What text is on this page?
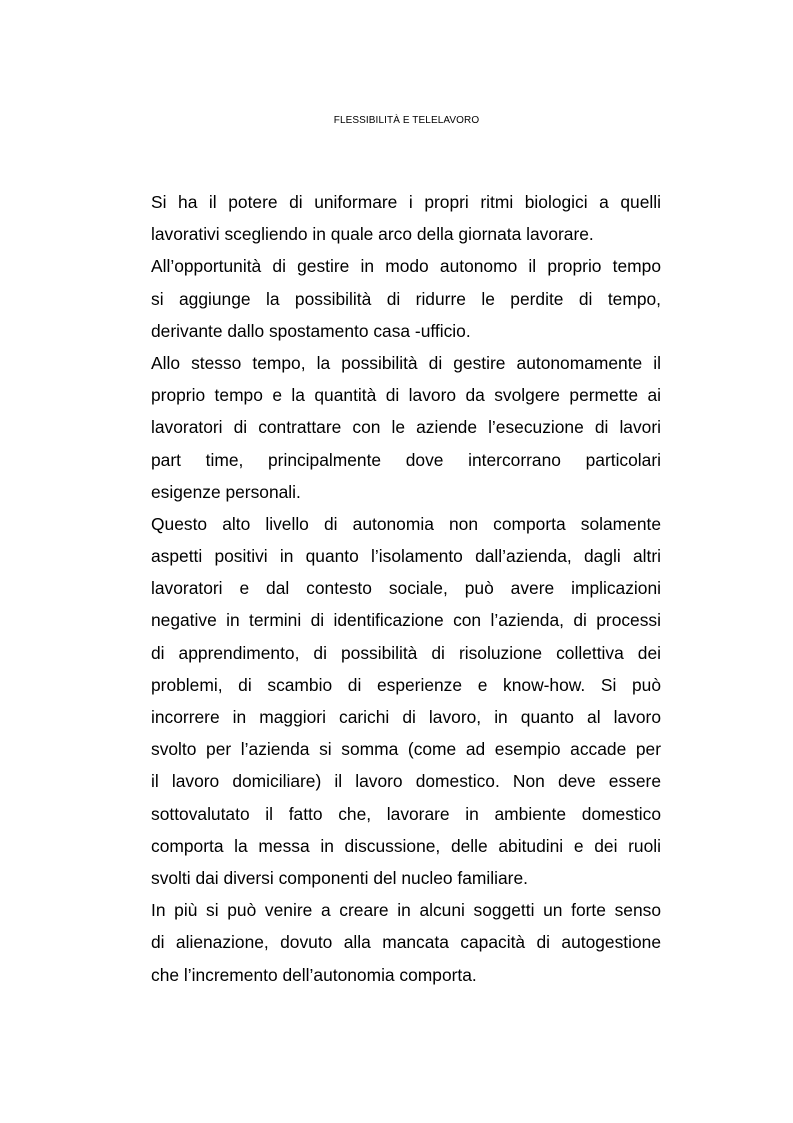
FLESSIBILITÀ E TELELAVORO
Si ha il potere di uniformare i propri ritmi biologici a quelli
lavorativi scegliendo in quale arco della giornata lavorare.
All’opportunità di gestire in modo autonomo il proprio tempo
si aggiunge la possibilità di ridurre le perdite di tempo,
derivante dallo spostamento casa -ufficio.
Allo stesso tempo, la possibilità di gestire autonomamente il
proprio tempo e la quantità di lavoro da svolgere permette ai
lavoratori di contrattare con le aziende l’esecuzione di lavori
part time, principalmente dove intercorrano particolari
esigenze personali.
Questo alto livello di autonomia non comporta solamente
aspetti positivi in quanto l’isolamento dall’azienda, dagli altri
lavoratori e dal contesto sociale, può avere implicazioni
negative in termini di identificazione con l’azienda, di processi
di apprendimento, di possibilità di risoluzione collettiva dei
problemi, di scambio di esperienze e know-how. Si può
incorrere in maggiori carichi di lavoro, in quanto al lavoro
svolto per l’azienda si somma (come ad esempio accade per
il lavoro domiciliare) il lavoro domestico. Non deve essere
sottovalutato il fatto che, lavorare in ambiente domestico
comporta la messa in discussione, delle abitudini e dei ruoli
svolti dai diversi componenti del nucleo familiare.
In più si può venire a creare in alcuni soggetti un forte senso
di alienazione, dovuto alla mancata capacità di autogestione
che l’incremento dell’autonomia comporta.
